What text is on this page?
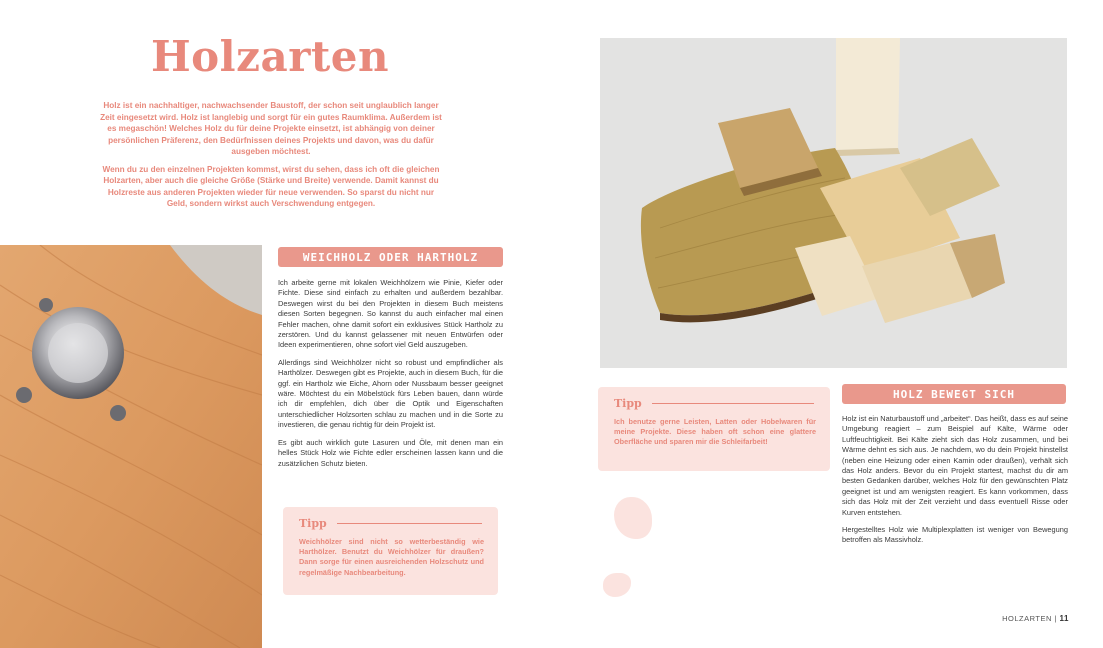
Holzarten

Holz ist ein nachhaltiger, nachwachsender Baustoff, der schon seit unglaublich langer Zeit eingesetzt wird. Holz ist langlebig und sorgt für ein gutes Raumklima. Außerdem ist es megaschön! Welches Holz du für deine Projekte einsetzt, ist abhängig von deiner persönlichen Präferenz, den Bedürfnissen deines Projekts und davon, was du dafür ausgeben möchtest.

Wenn du zu den einzelnen Projekten kommst, wirst du sehen, dass ich oft die gleichen Holzarten, aber auch die gleiche Größe (Stärke und Breite) verwende. Damit kannst du Holzreste aus anderen Projekten wieder für neue verwenden. So sparst du nicht nur Geld, sondern wirkst auch Verschwendung entgegen.

WEICHHOLZ ODER HARTHOLZ

Ich arbeite gerne mit lokalen Weichhölzern wie Pinie, Kiefer oder Fichte. Diese sind einfach zu erhalten und außerdem bezahlbar. Deswegen wirst du bei den Projekten in diesem Buch meistens diesen Sorten begegnen. So kannst du auch einfacher mal einen Fehler machen, ohne damit sofort ein exklusives Stück Hartholz zu zerstören. Und du kannst gelassener mit neuen Entwürfen oder Ideen experimentieren, ohne sofort viel Geld auszugeben.

Allerdings sind Weichhölzer nicht so robust und empfindlicher als Harthölzer. Deswegen gibt es Projekte, auch in diesem Buch, für die ggf. ein Hartholz wie Eiche, Ahorn oder Nussbaum besser geeignet wäre. Möchtest du ein Möbelstück fürs Leben bauen, dann würde ich dir empfehlen, dich über die Optik und Eigenschaften unterschiedlicher Holzsorten schlau zu machen und in die Sorte zu investieren, die genau richtig für dein Projekt ist.

Es gibt auch wirklich gute Lasuren und Öle, mit denen man ein helles Stück Holz wie Fichte edler erscheinen lassen kann und die zusätzlichen Schutz bieten.

Tipp
Weichhölzer sind nicht so wetterbeständig wie Harthölzer. Benutzt du Weichhölzer für draußen? Dann sorge für einen ausreichenden Holzschutz und regelmäßige Nachbearbeitung.
Tipp
Ich benutze gerne Leisten, Latten oder Hobelwaren für meine Projekte. Diese haben oft schon eine glattere Oberfläche und sparen mir die Schleifarbeit!
HOLZ BEWEGT SICH

Holz ist ein Naturbaustoff und „arbeitet“. Das heißt, dass es auf seine Umgebung reagiert – zum Beispiel auf Kälte, Wärme oder Luftfeuchtigkeit. Bei Kälte zieht sich das Holz zusammen, und bei Wärme dehnt es sich aus. Je nachdem, wo du dein Projekt hinstellst (neben eine Heizung oder einen Kamin oder draußen), verhält sich das Holz anders. Bevor du ein Projekt startest, machst du dir am besten Gedanken darüber, welches Holz für den gewünschten Platz geeignet ist und am wenigsten reagiert. Es kann vorkommen, dass sich das Holz mit der Zeit verzieht und dass eventuell Risse oder Kurven entstehen.

Hergestelltes Holz wie Multiplexplatten ist weniger von Bewegung betroffen als Massivholz.

HOLZARTEN | 11
